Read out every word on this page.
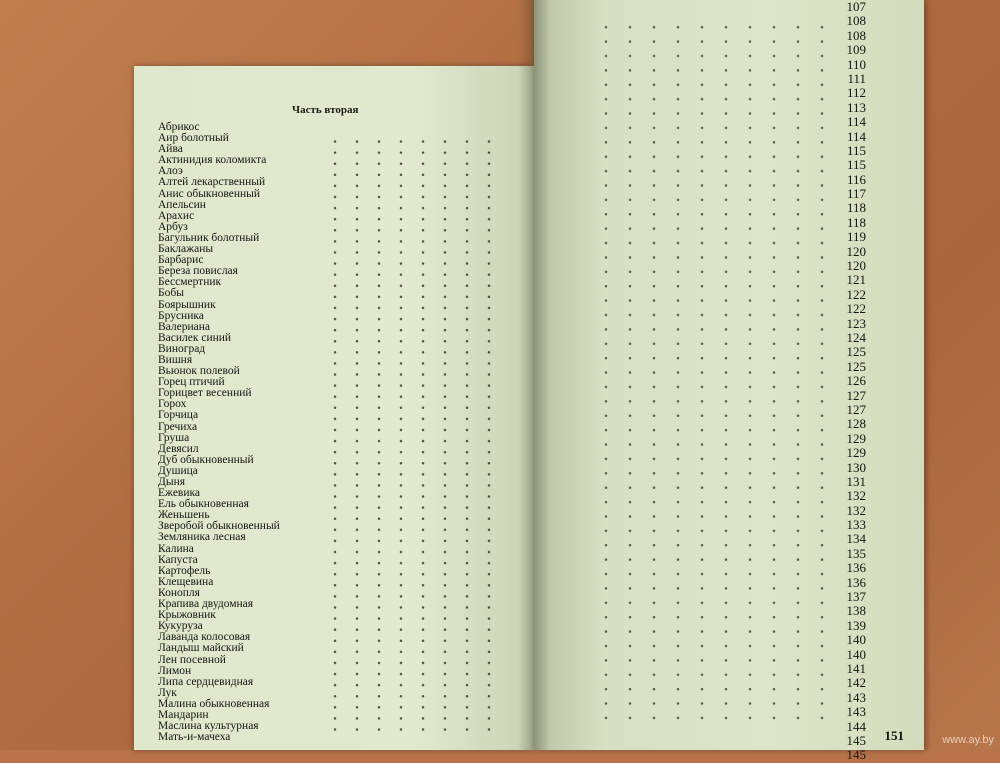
Часть вторая
Абрикос
Аир болотный
Айва
Актинидия коломикта
Алоэ
Алтей лекарственный
Анис обыкновенный
Апельсин
Арахис
Арбуз
Багульник болотный
Баклажаны
Барбарис
Береза повислая
Бессмертник
Бобы
Боярышник
Брусника
Валериана
Василек синий
Виноград
Вишня
Вьюнок полевой
Горец птичий
Горицвет весенний
Горох
Горчица
Гречиха
Груша
Девясил
Дуб обыкновенный
Душица
Дыня
Ежевика
Ель обыкновенная
Женьшень
Зверобой обыкновенный
Земляника лесная
Калина
Капуста
Картофель
Клещевина
Конопля
Крапива двудомная
Крыжовник
Кукуруза
Лаванда колосовая
Ландыш майский
Лен посевной
Лимон
Липа сердцевидная
Лук
Малина обыкновенная
Мандарин
Маслина культурная
Мать-и-мачеха
107
108
108
109
110
111
112
113
114
114
115
115
116
117
118
118
119
120
120
121
122
122
123
124
125
125
126
127
127
128
129
129
130
131
132
132
133
134
135
136
136
137
138
139
140
140
141
142
143
143
144
145
145
151	www.ay.by
